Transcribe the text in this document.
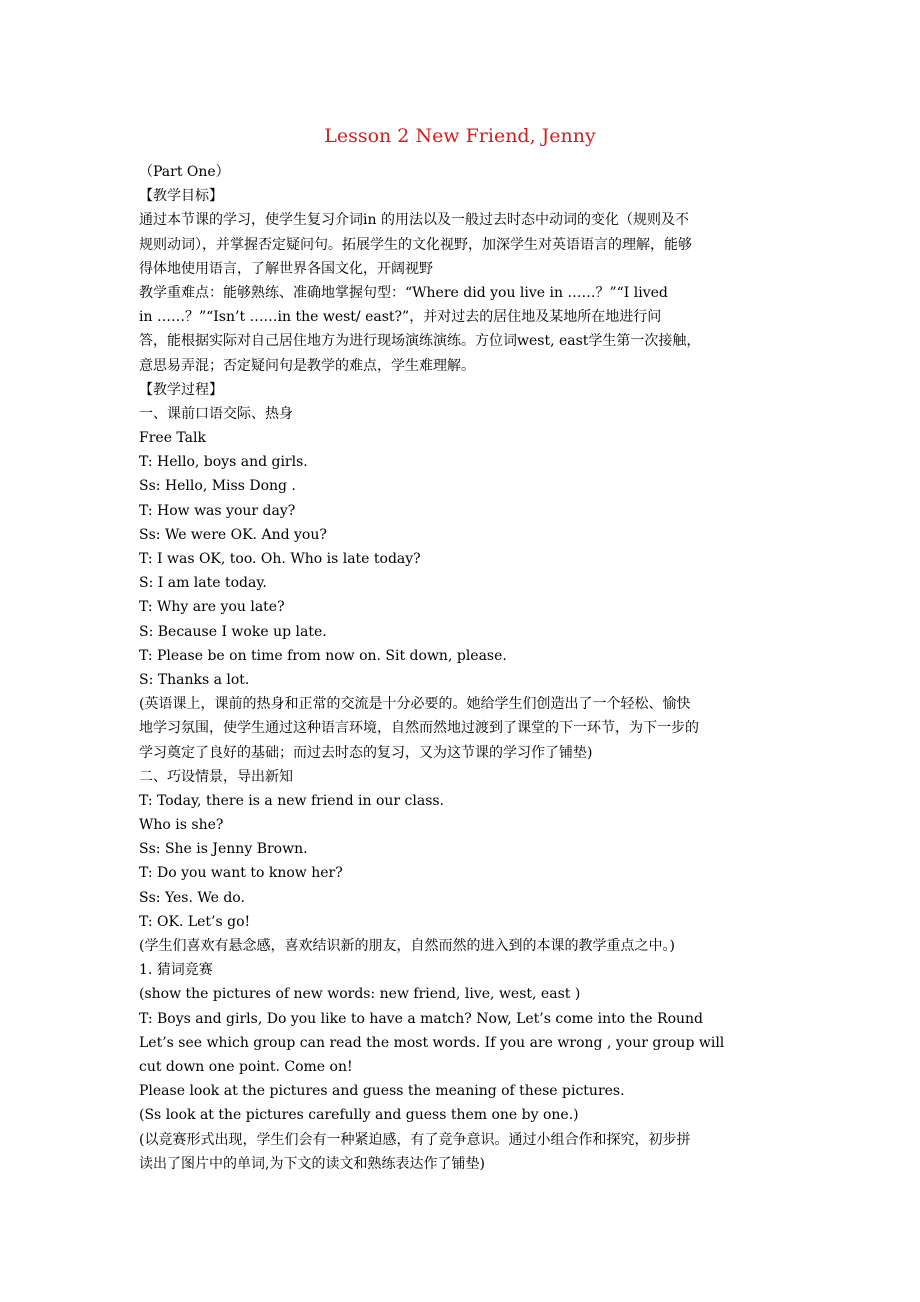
Lesson 2 New Friend, Jenny
（Part One）
【教学目标】
通过本节课的学习，使学生复习介词in 的用法以及一般过去时态中动词的变化（规则及不
规则动词），并掌握否定疑问句。拓展学生的文化视野，加深学生对英语语言的理解，能够
得体地使用语言，了解世界各国文化，开阔视野
教学重难点：能够熟练、准确地掌握句型：“Where did you live in ……？”“I lived
in ……？”“Isn’t ……in the west/ east?”，并对过去的居住地及某地所在地进行问
答，能根据实际对自己居住地方为进行现场演练演练。方位词west, east学生第一次接触，
意思易弄混；否定疑问句是教学的难点，学生难理解。
【教学过程】
一、课前口语交际、热身
Free Talk
T: Hello, boys and girls.
Ss: Hello, Miss Dong .
T: How was your day?
Ss: We were OK. And you?
T: I was OK, too. Oh. Who is late today?
S: I am late today.
T: Why are you late?
S: Because I woke up late.
T: Please be on time from now on. Sit down, please.
S: Thanks a lot.
(英语课上，课前的热身和正常的交流是十分必要的。她给学生们创造出了一个轻松、愉快
地学习氛围，使学生通过这种语言环境，自然而然地过渡到了课堂的下一环节，为下一步的
学习奠定了良好的基础；而过去时态的复习，又为这节课的学习作了铺垫)
二、巧设情景，导出新知
T: Today, there is a new friend in our class.
Who is she?
Ss: She is Jenny Brown.
T: Do you want to know her?
Ss: Yes. We do.
T: OK. Let’s go!
(学生们喜欢有悬念感，喜欢结识新的朋友，自然而然的进入到的本课的教学重点之中。)
1. 猜词竞赛
(show the pictures of new words: new friend, live, west, east )
T: Boys and girls, Do you like to have a match? Now, Let’s come into the Round
Let’s see which group can read the most words. If you are wrong , your group will
cut down one point. Come on!
Please look at the pictures and guess the meaning of these pictures.
(Ss look at the pictures carefully and guess them one by one.)
(以竞赛形式出现，学生们会有一种紧迫感，有了竞争意识。通过小组合作和探究，初步拼
读出了图片中的单词,为下文的读文和熟练表达作了铺垫)
